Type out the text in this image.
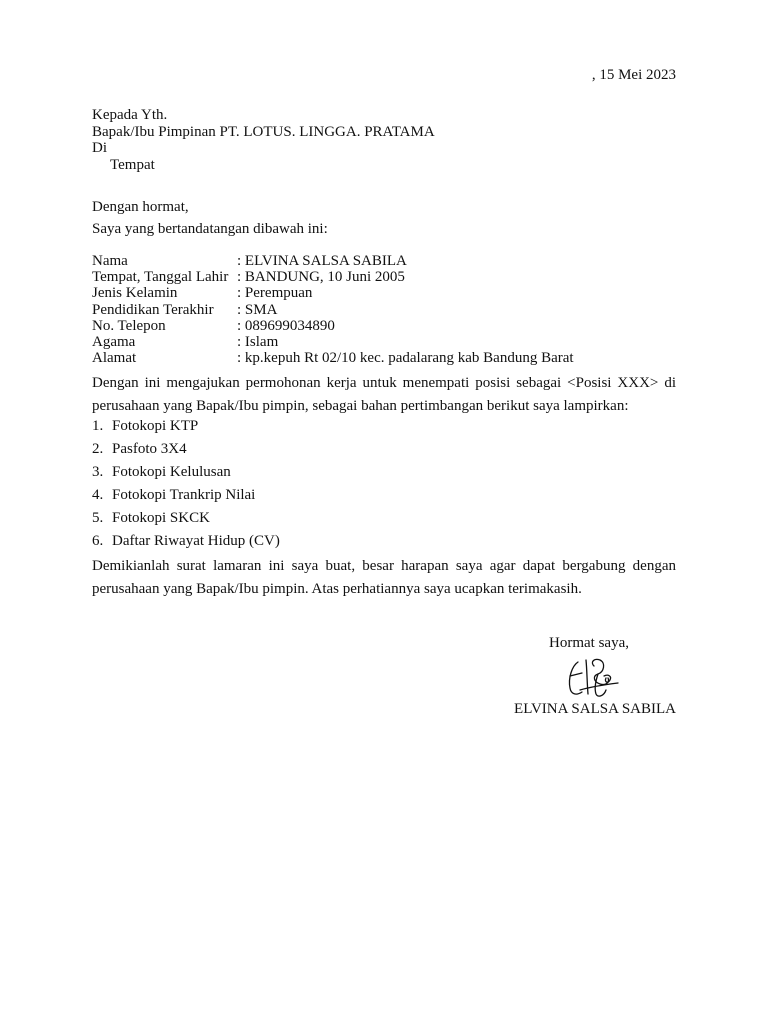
, 15 Mei 2023
Kepada Yth.
Bapak/Ibu Pimpinan PT. LOTUS. LINGGA. PRATAMA
Di
Tempat
Dengan hormat,
Saya yang bertandatangan dibawah ini:
Nama	: ELVINA SALSA SABILA
Tempat, Tanggal Lahir : BANDUNG, 10 Juni 2005
Jenis Kelamin	: Perempuan
Pendidikan Terakhir	: SMA
No. Telepon	: 089699034890
Agama	: Islam
Alamat	: kp.kepuh Rt 02/10 kec. padalarang kab Bandung Barat
Dengan ini mengajukan permohonan kerja untuk menempati posisi sebagai <Posisi XXX> di perusahaan yang Bapak/Ibu pimpin, sebagai bahan pertimbangan berikut saya lampirkan:
1. Fotokopi KTP
2. Pasfoto 3X4
3. Fotokopi Kelulusan
4. Fotokopi Trankrip Nilai
5. Fotokopi SKCK
6. Daftar Riwayat Hidup (CV)
Demikianlah surat lamaran ini saya buat, besar harapan saya agar dapat bergabung dengan perusahaan yang Bapak/Ibu pimpin. Atas perhatiannya saya ucapkan terimakasih.
Hormat saya,
ELVINA SALSA SABILA
